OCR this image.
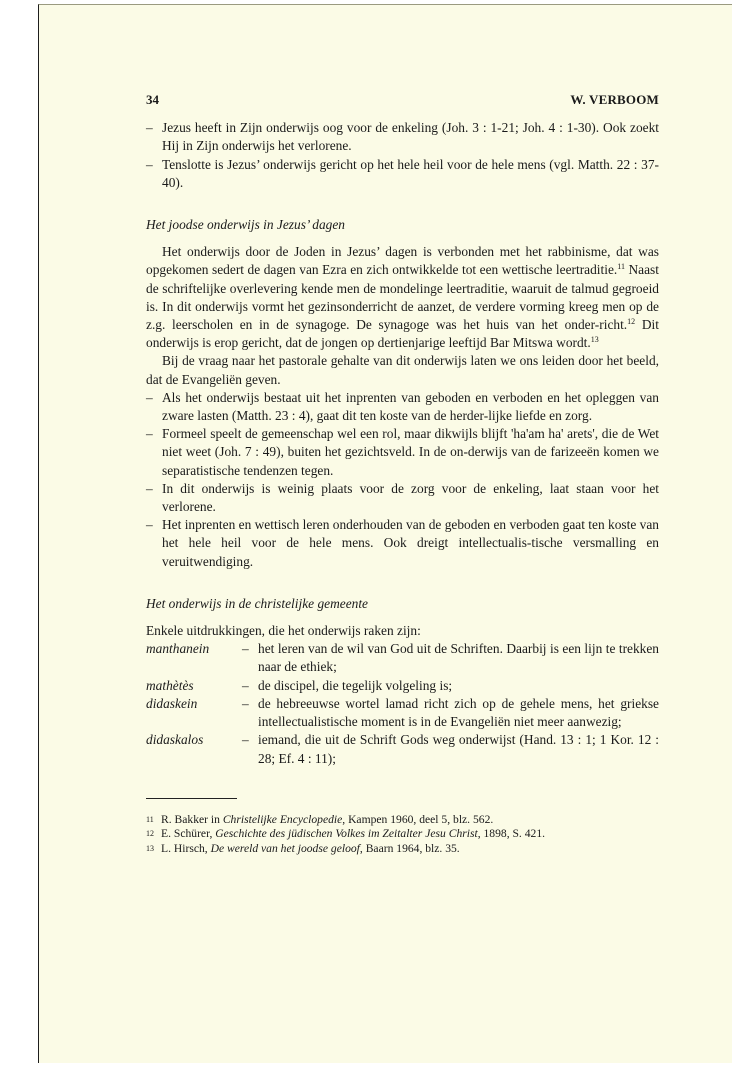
34	W. VERBOOM
– Jezus heeft in Zijn onderwijs oog voor de enkeling (Joh. 3 : 1-21; Joh. 4 : 1-30). Ook zoekt Hij in Zijn onderwijs het verlorene.
– Tenslotte is Jezus’ onderwijs gericht op het hele heil voor de hele mens (vgl. Matth. 22 : 37-40).
Het joodse onderwijs in Jezus’ dagen

Het onderwijs door de Joden in Jezus’ dagen is verbonden met het rabbinisme, dat was opgekomen sedert de dagen van Ezra en zich ontwikkelde tot een wettische leertraditie.$^{11}$ Naast de schriftelijke overlevering kende men de mondelinge leertraditie, waaruit de talmud gegroeid is. In dit onderwijs vormt het gezinsonderricht de aanzet, de verdere vorming kreeg men op de z.g. leerscholen en in de synagoge. De synagoge was het huis van het onder-richt.$^{12}$ Dit onderwijs is erop gericht, dat de jongen op dertienjarige leeftijd Bar Mitswa wordt.$^{13}$

Bij de vraag naar het pastorale gehalte van dit onderwijs laten we ons leiden door het beeld, dat de Evangeliën geven.

– Als het onderwijs bestaat uit het inprenten van geboden en verboden en het opleggen van zware lasten (Matth. 23 : 4), gaat dit ten koste van de herder-lijke liefde en zorg.
– Formeel speelt de gemeenschap wel een rol, maar dikwijls blijft 'ha'am ha' arets', die de Wet niet weet (Joh. 7 : 49), buiten het gezichtsveld. In de on-derwijs van de farizeeën komen we separatistische tendenzen tegen.
– In dit onderwijs is weinig plaats voor de zorg voor de enkeling, laat staan voor het verlorene.
– Het inprenten en wettisch leren onderhouden van de geboden en verboden gaat ten koste van het hele heil voor de hele mens. Ook dreigt intellectualis-tische versmalling en veruitwendiging.
Het onderwijs in de christelijke gemeente

Enkele uitdrukkingen, die het onderwijs raken zijn:

manthanein	– het leren van de wil van God uit de Schriften. Daarbij is een lijn te trekken naar de ethiek;
mathètès	– de discipel, die tegelijk volgeling is;
didaskein	– de hebreeuwse wortel lamad richt zich op de gehele mens, het griekse intellectualistische moment is in de Evangeliën niet meer aanwezig;
didaskalos	– iemand, die uit de Schrift Gods weg onderwijst (Hand. 13 : 1; 1 Kor. 12 : 28; Ef. 4 : 11);
11 R. Bakker in Christelijke Encyclopedie, Kampen 1960, deel 5, blz. 562.
12 E. Schürer, Geschichte des jüdischen Volkes im Zeitalter Jesu Christ, 1898, S. 421.
13 L. Hirsch, De wereld van het joodse geloof, Baarn 1964, blz. 35.
